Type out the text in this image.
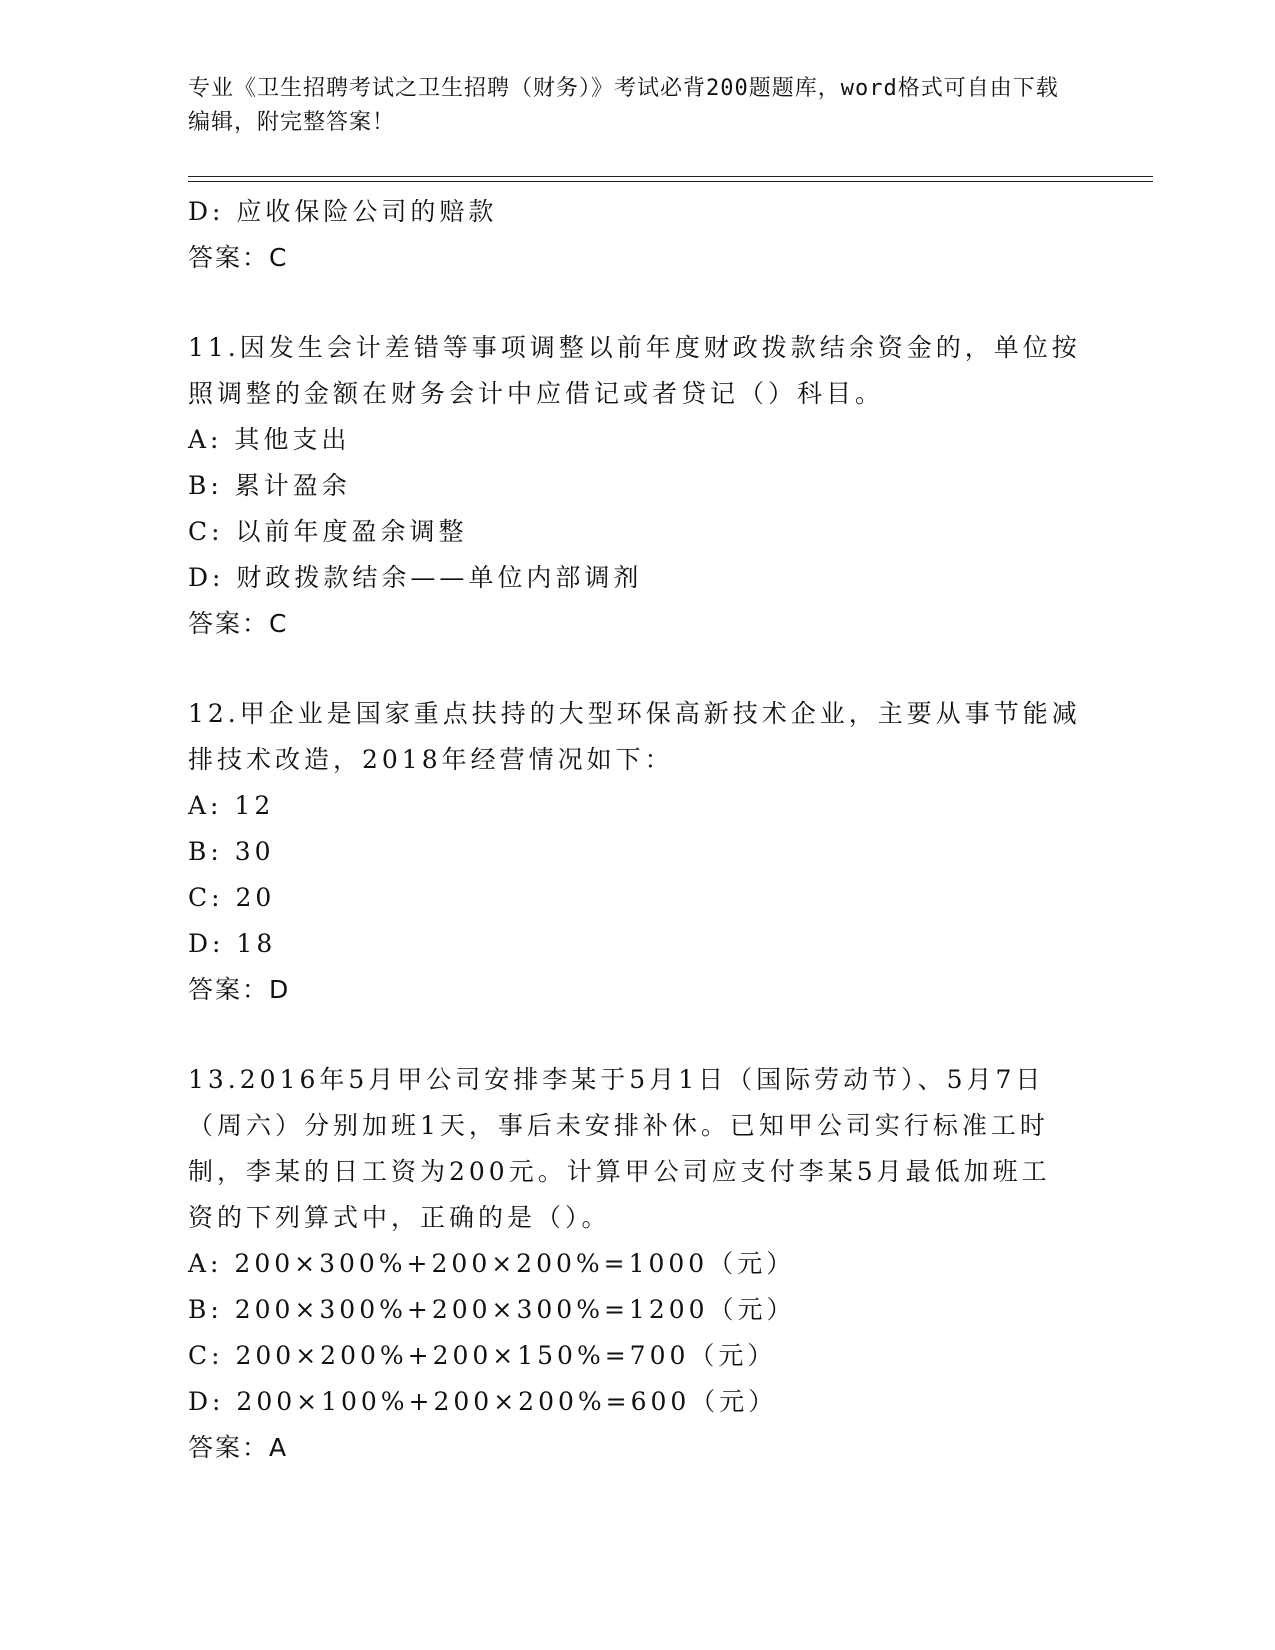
专业《卫生招聘考试之卫生招聘（财务）》考试必背200题题库，word格式可自由下载编辑，附完整答案！

D: 应收保险公司的赔款

答案：C

11.因发生会计差错等事项调整以前年度财政拨款结余资金的，单位按

照调整的金额在财务会计中应借记或者贷记（）科目。

A: 其他支出

B: 累计盈余

C: 以前年度盈余调整

D: 财政拨款结余——单位内部调剂

答案：C

12.甲企业是国家重点扶持的大型环保高新技术企业，主要从事节能减

排技术改造，2018年经营情况如下：

A: 12

B: 30

C: 20

D: 18

答案：D

13.2016年5月甲公司安排李某于5月1日（国际劳动节）、5月7日

（周六）分别加班1天，事后未安排补休。已知甲公司实行标准工时

制，李某的日工资为200元。计算甲公司应支付李某5月最低加班工

资的下列算式中，正确的是（）。

A: 200×300%+200×200%=1000（元）

B: 200×300%+200×300%=1200（元）

C: 200×200%+200×150%=700（元）

D: 200×100%+200×200%=600（元）

答案：A
